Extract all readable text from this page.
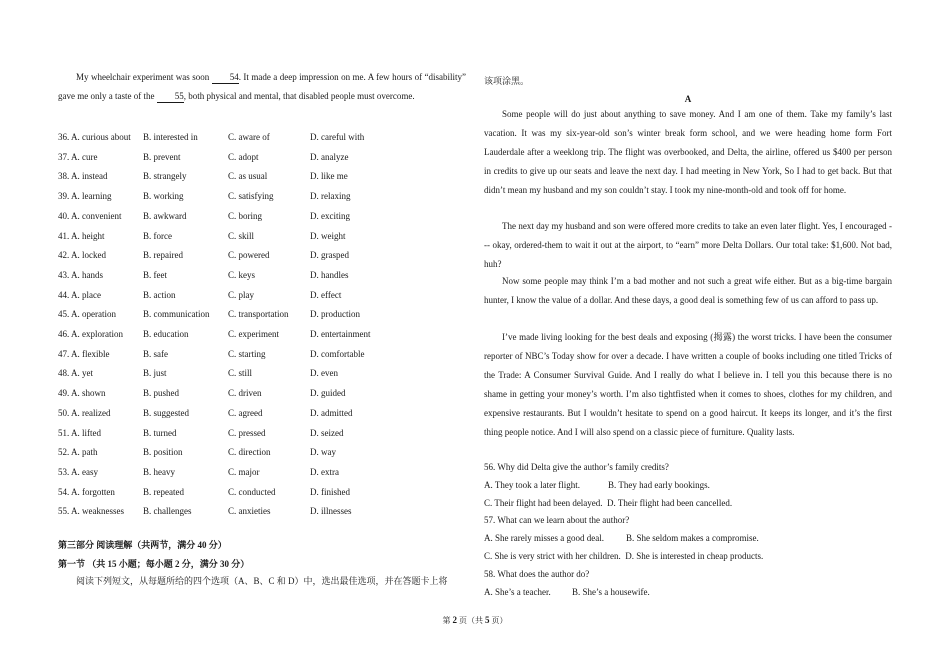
My wheelchair experiment was soon 54. It made a deep impression on me. A few hours of “disability” gave me only a taste of the 55, both physical and mental, that disabled people must overcome.

36. A. curious about B. interested in	C. aware of	D. careful with
37. A. cure	B. prevent	C. adopt	D. analyze
38. A. instead	B. strangely	C. as usual	D. like me
39. A. learning	B. working	C. satisfying	D. relaxing
40. A. convenient B. awkward	C. boring	D. exciting
41. A. height	B. force	C. skill	D. weight
42. A. locked	B. repaired	C. powered	D. grasped
43. A. hands	B. feet	C. keys	D. handles
44. A. place	B. action	C. play	D. effect
45. A. operation	B. communication C. transportation D. production
46. A. exploration B. education	C. experiment	D. entertainment
47. A. flexible	B. safe	C. starting	D. comfortable
48. A. yet	B. just	C. still	D. even
49. A. shown	B. pushed	C. driven	D. guided
50. A. realized	B. suggested	C. agreed	D. admitted
51. A. lifted	B. turned	C. pressed	D. seized
52. A. path	B. position	C. direction	D. way
53. A. easy	B. heavy	C. major	D. extra
54. A. forgotten	B. repeated	C. conducted	D. finished
55. A. weaknesses B. challenges	C. anxieties	D. illnesses
第三部分 阅读理解（共两节，满分 40 分）
第一节 （共 15 小题；每小题 2 分，满分 30 分）
阅读下列短文，从每题所给的四个选项（A、B、C 和 D）中，选出最佳选项，并在答题卡上将
该项涂黑。
A

Some people will do just about anything to save money. And I am one of them. Take my family’s last vacation. It was my six-year-old son’s winter break form school, and we were heading home form Fort Lauderdale after a weeklong trip. The flight was overbooked, and Delta, the airline, offered us $400 per person in credits to give up our seats and leave the next day. I had meeting in New York, So I had to get back. But that didn’t mean my husband and my son couldn’t stay. I took my nine-month-old and took off for home.

The next day my husband and son were offered more credits to take an even later flight. Yes, I encouraged --- okay, ordered-them to wait it out at the airport, to “earn” more Delta Dollars. Our total take: $1,600. Not bad, huh?

Now some people may think I’m a bad mother and not such a great wife either. But as a big-time bargain hunter, I know the value of a dollar. And these days, a good deal is something few of us can afford to pass up.

I’ve made living looking for the best deals and exposing (揭露) the worst tricks. I have been the consumer reporter of NBC’s Today show for over a decade. I have written a couple of books including one titled Tricks of the Trade: A Consumer Survival Guide. And I really do what I believe in. I tell you this because there is no shame in getting your money’s worth. I’m also tightfisted when it comes to shoes, clothes for my children, and expensive restaurants. But I wouldn’t hesitate to spend on a good haircut. It keeps its longer, and it’s the first thing people notice. And I will also spend on a classic piece of furniture. Quality lasts.

56. Why did Delta give the author’s family credits?
A. They took a later flight.	B. They had early bookings.
C. Their flight had been delayed. D. Their flight had been cancelled.
57. What can we learn about the author?
A. She rarely misses a good deal. B. She seldom makes a compromise.
C. She is very strict with her children. D. She is interested in cheap products.
58. What does the author do?
A. She’s a teacher. B. She’s a housewife.
第 2 页（共 5 页）
